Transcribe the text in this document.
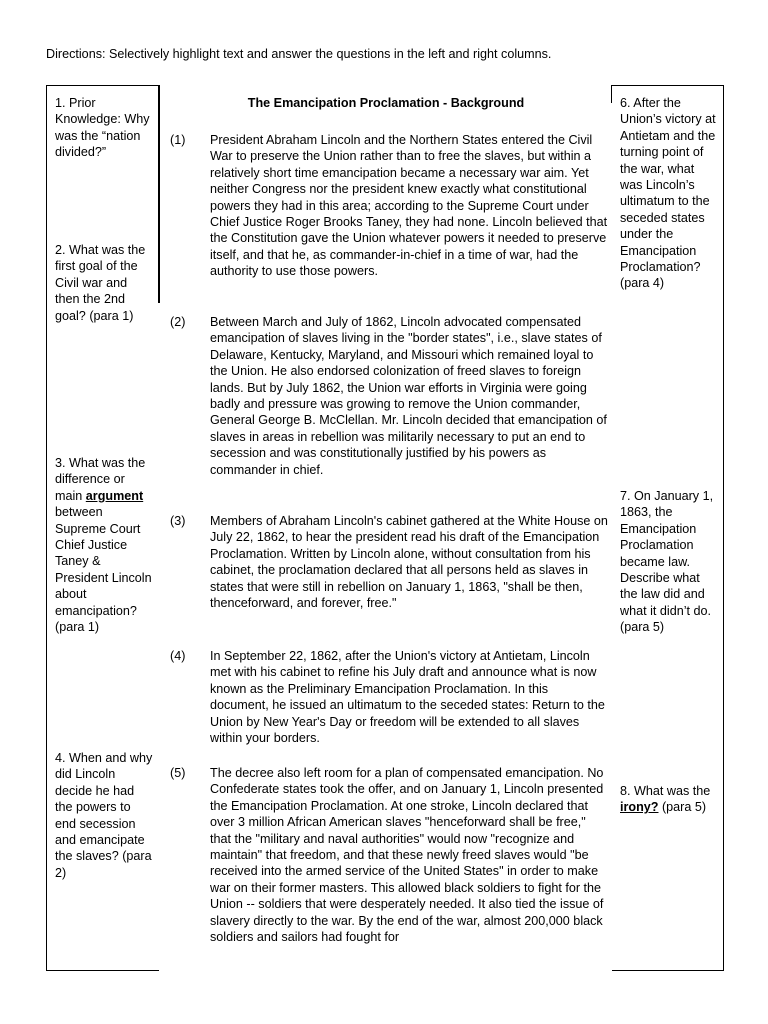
Directions: Selectively highlight text and answer the questions in the left and right columns.

1. Prior Knowledge: Why was the “nation divided?”

2. What was the first goal of the Civil war and then the 2nd goal? (para 1)

3. What was the difference or main argument between Supreme Court Chief Justice Taney & President Lincoln about emancipation? (para 1)

4. When and why did Lincoln decide he had the powers to end secession and emancipate the slaves? (para 2)

The Emancipation Proclamation - Background

(1) President Abraham Lincoln and the Northern States entered the Civil War to preserve the Union rather than to free the slaves, but within a relatively short time emancipation became a necessary war aim. Yet neither Congress nor the president knew exactly what constitutional powers they had in this area; according to the Supreme Court under Chief Justice Roger Brooks Taney, they had none. Lincoln believed that the Constitution gave the Union whatever powers it needed to preserve itself, and that he, as commander-in-chief in a time of war, had the authority to use those powers.
(2) Between March and July of 1862, Lincoln advocated compensated emancipation of slaves living in the "border states", i.e., slave states of Delaware, Kentucky, Maryland, and Missouri which remained loyal to the Union. He also endorsed colonization of freed slaves to foreign lands. But by July 1862, the Union war efforts in Virginia were going badly and pressure was growing to remove the Union commander, General George B. McClellan. Mr. Lincoln decided that emancipation of slaves in areas in rebellion was militarily necessary to put an end to secession and was constitutionally justified by his powers as commander in chief.
(3) Members of Abraham Lincoln's cabinet gathered at the White House on July 22, 1862, to hear the president read his draft of the Emancipation Proclamation. Written by Lincoln alone, without consultation from his cabinet, the proclamation declared that all persons held as slaves in states that were still in rebellion on January 1, 1863, "shall be then, thenceforward, and forever, free."
(4) In September 22, 1862, after the Union's victory at Antietam, Lincoln met with his cabinet to refine his July draft and announce what is now known as the Preliminary Emancipation Proclamation. In this document, he issued an ultimatum to the seceded states: Return to the Union by New Year's Day or freedom will be extended to all slaves within your borders.
(5) The decree also left room for a plan of compensated emancipation. No Confederate states took the offer, and on January 1, Lincoln presented the Emancipation Proclamation. At one stroke, Lincoln declared that over 3 million African American slaves "henceforward shall be free," that the "military and naval authorities" would now "recognize and maintain" that freedom, and that these newly freed slaves would "be received into the armed service of the United States" in order to make war on their former masters. This allowed black soldiers to fight for the Union -- soldiers that were desperately needed. It also tied the issue of slavery directly to the war. By the end of the war, almost 200,000 black soldiers and sailors had fought for

6. After the Union’s victory at Antietam and the turning point of the war, what was Lincoln’s ultimatum to the seceded states under the Emancipation Proclamation? (para 4)

7. On January 1, 1863, the Emancipation Proclamation became law. Describe what the law did and what it didn’t do. (para 5)

8. What was the irony? (para 5)
